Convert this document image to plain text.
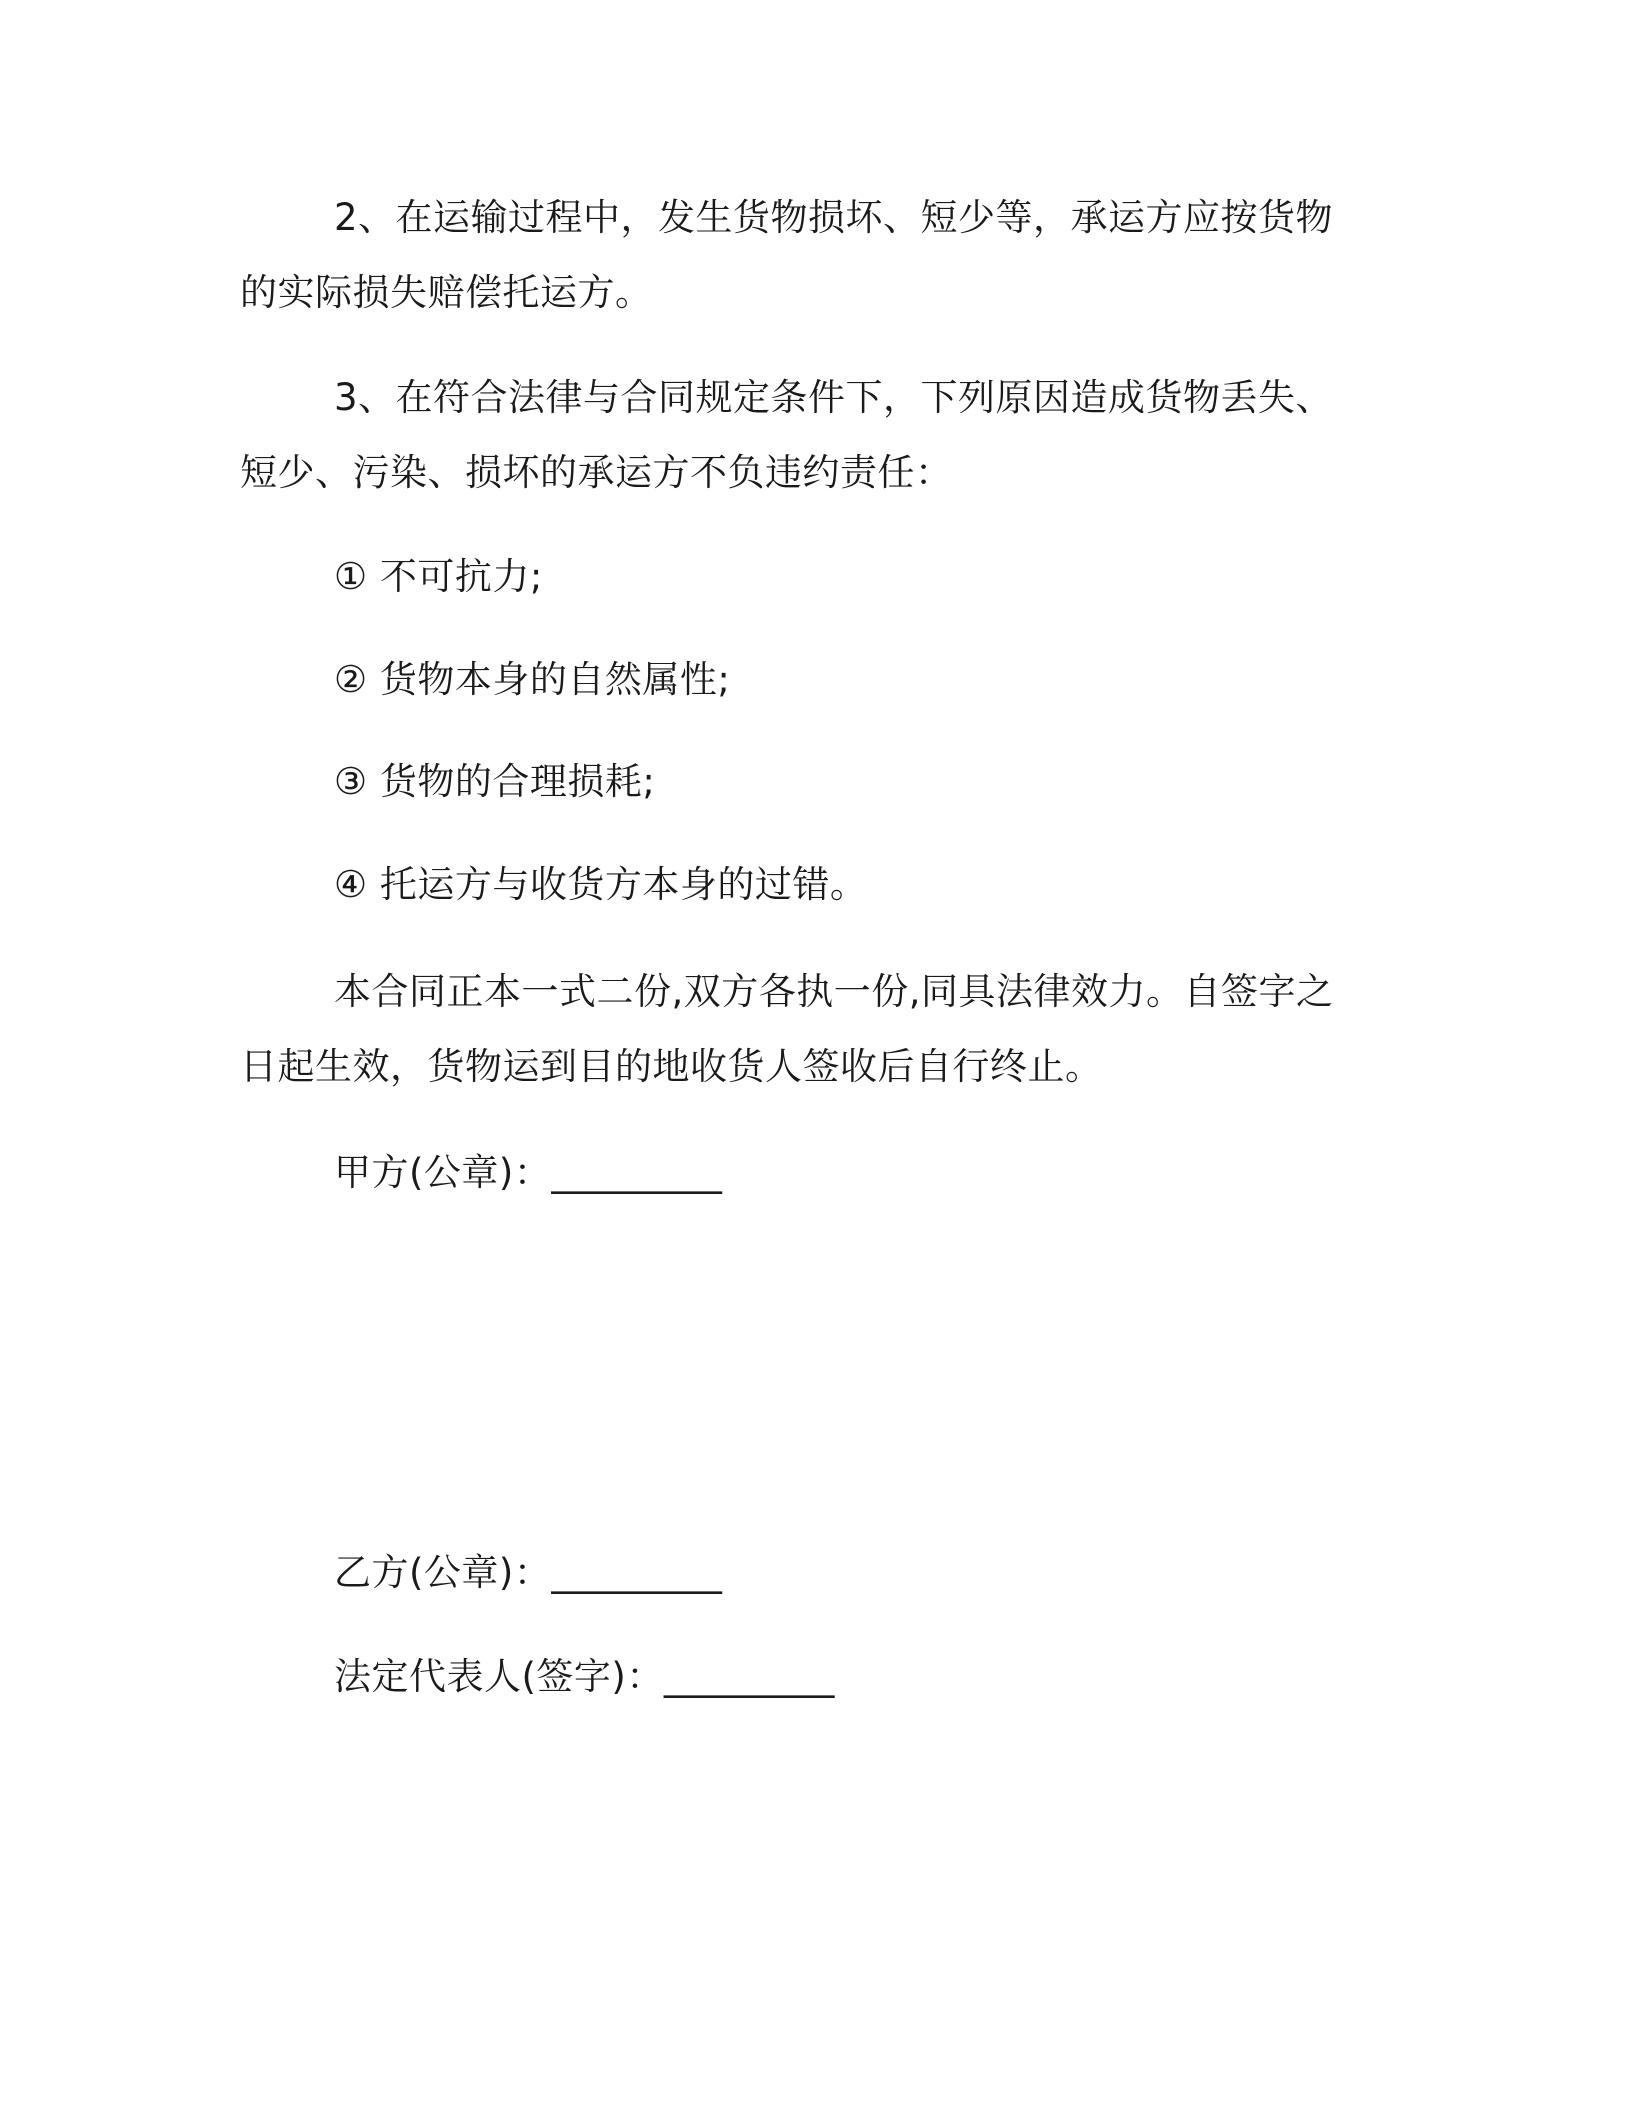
2、在运输过程中，发生货物损坏、短少等，承运方应按货物的实际损失赔偿托运方。

3、在符合法律与合同规定条件下，下列原因造成货物丢失、短少、污染、损坏的承运方不负违约责任：

① 不可抗力;
② 货物本身的自然属性;
③ 货物的合理损耗;
④ 托运方与收货方本身的过错。

本合同正本一式二份,双方各执一份,同具法律效力。自签字之日起生效，货物运到目的地收货人签收后自行终止。

甲方(公章)：_________
乙方(公章)：_________
法定代表人(签字)：_________
